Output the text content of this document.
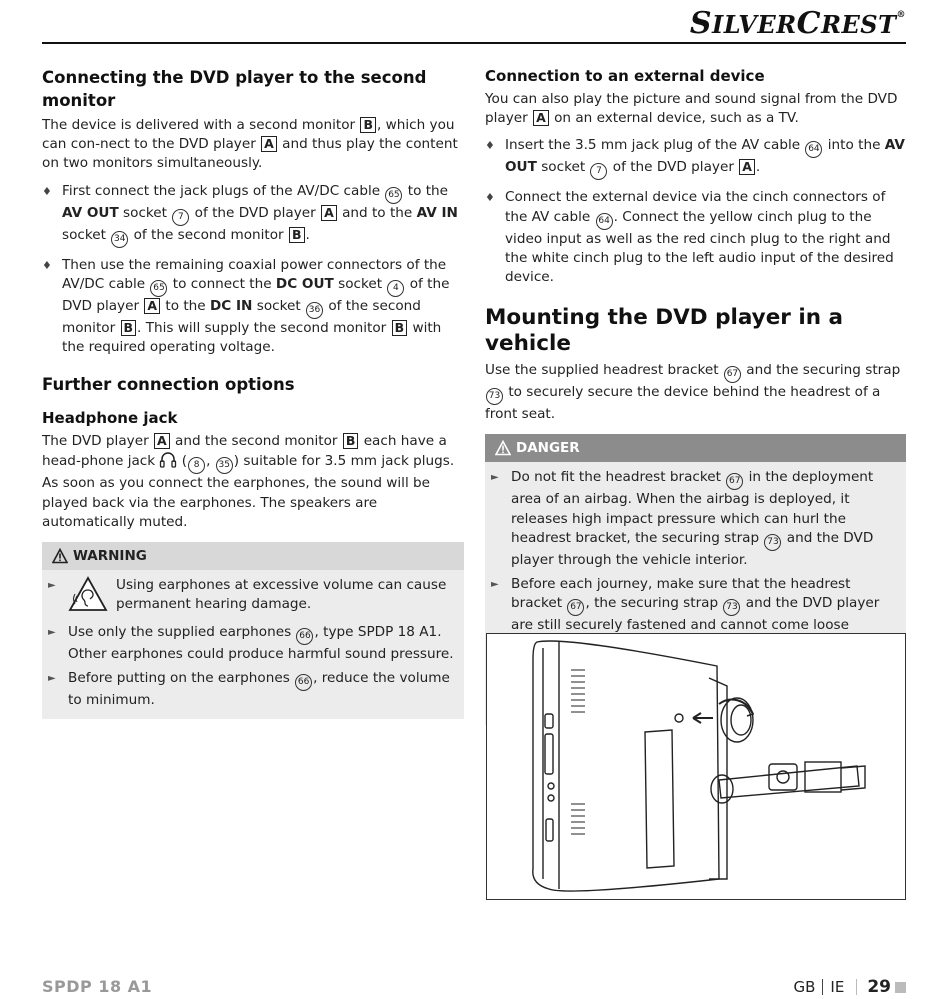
SILVERCREST®
Connecting the DVD player to the second monitor

The device is delivered with a second monitor B , which you can con-nect to the DVD player A and thus play the content on two monitors simultaneously.

♦ First connect the jack plugs of the AV/DC cable 65 to the AV OUT socket 7 of the DVD player A and to the AV IN socket 34 of the second monitor B .
♦ Then use the remaining coaxial power connectors of the AV/DC cable 65 to connect the DC OUT socket 4 of the DVD player A to the DC IN socket 36 of the second monitor B . This will supply the second monitor B with the required operating voltage.
Further connection options
Headphone jack

The DVD player A and the second monitor B each have a head-phone jack  ( 8 , 35 ) suitable for 3.5 mm jack plugs. As soon as you connect the earphones, the sound will be played back via the earphones. The speakers are automatically muted.

WARNING
►	Using earphones at excessive volume can cause permanent hearing damage.
► Use only the supplied earphones 66 , type SPDP 18 A1. Other earphones could produce harmful sound pressure.
► Before putting on the earphones 66 , reduce the volume to minimum.
Connection to an external device

You can also play the picture and sound signal from the DVD player A on an external device, such as a TV.

♦ Insert the 3.5 mm jack plug of the AV cable 64 into the AV OUT socket 7 of the DVD player A .
♦ Connect the external device via the cinch connectors of the AV cable 64 . Connect the yellow cinch plug to the video input as well as the red cinch plug to the right and the white cinch plug to the left audio input of the desired device.
Mounting the DVD player in a vehicle

Use the supplied headrest bracket 67 and the securing strap 73 to securely secure the device behind the headrest of a front seat.

DANGER
► Do not fit the headrest bracket 67 in the deployment area of an airbag. When the airbag is deployed, it releases high impact pressure which can hurl the headrest bracket, the securing strap 73 and the DVD player through the vehicle interior.
► Before each journey, make sure that the headrest bracket 67 , the securing strap 73 and the DVD player are still securely fastened and cannot come loose
SPDP 18 A1	GB IE 29
